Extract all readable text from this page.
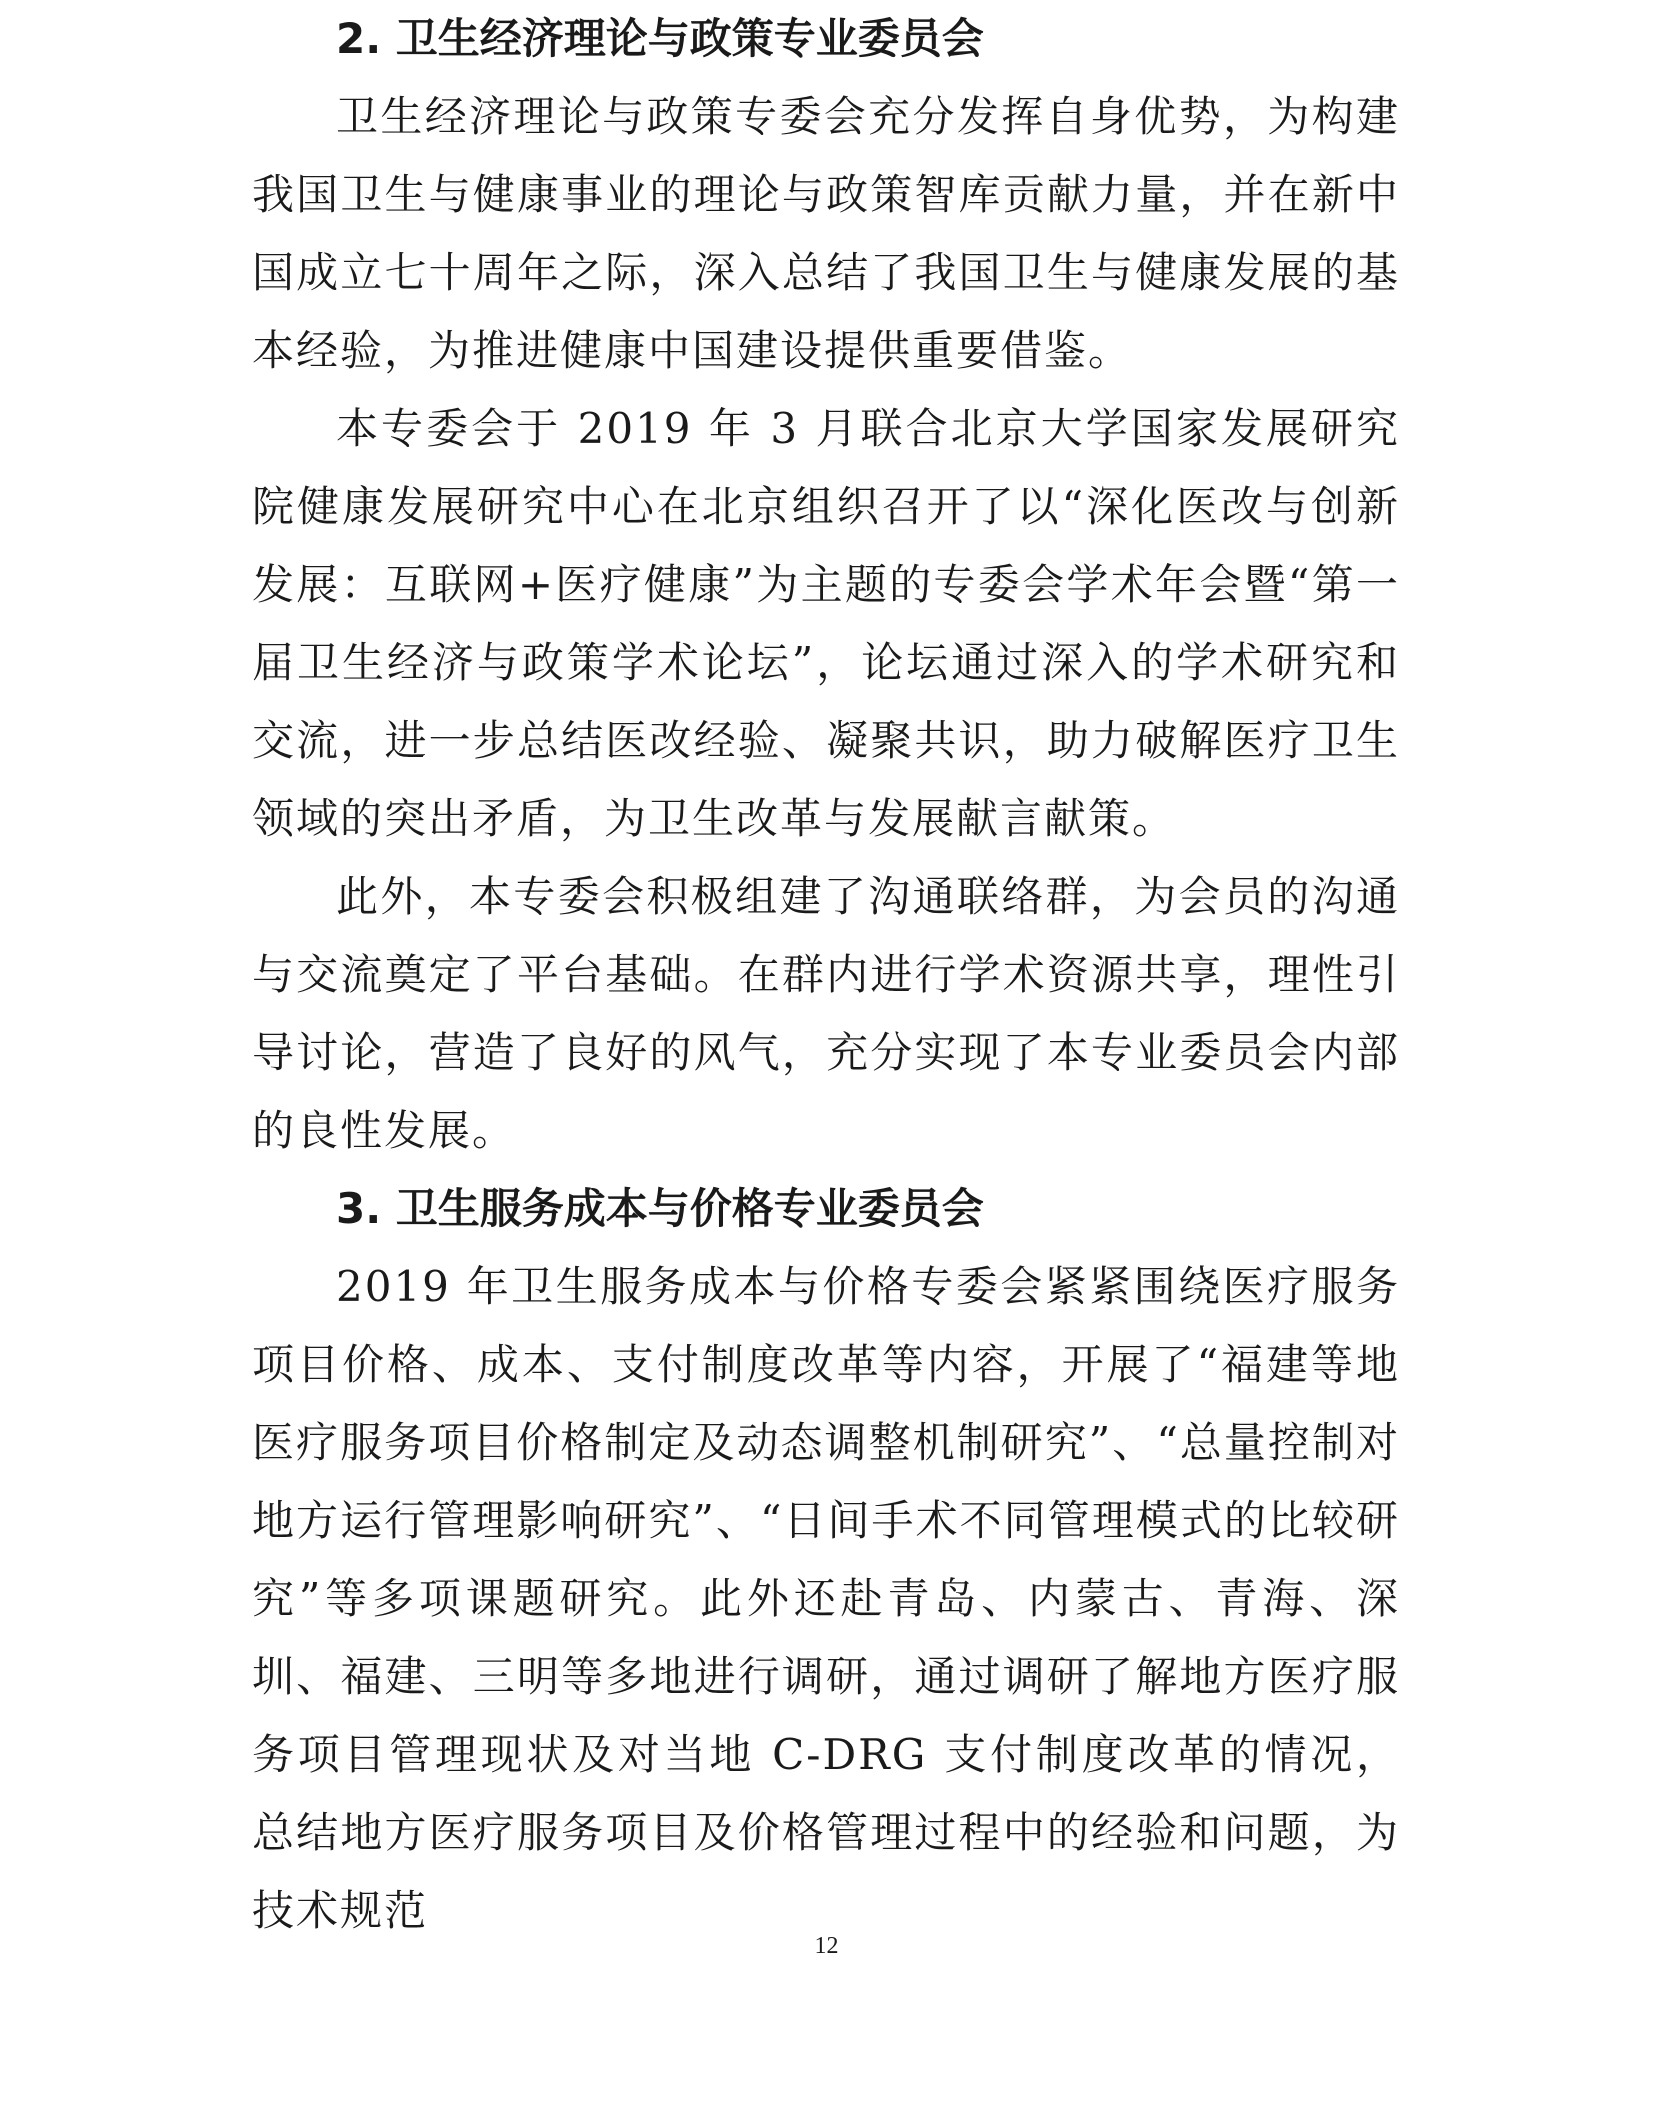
2. 卫生经济理论与政策专业委员会

卫生经济理论与政策专委会充分发挥自身优势，为构建我国卫生与健康事业的理论与政策智库贡献力量，并在新中国成立七十周年之际，深入总结了我国卫生与健康发展的基本经验，为推进健康中国建设提供重要借鉴。

本专委会于 2019 年 3 月联合北京大学国家发展研究院健康发展研究中心在北京组织召开了以“深化医改与创新发展：互联网+医疗健康”为主题的专委会学术年会暨“第一届卫生经济与政策学术论坛”，论坛通过深入的学术研究和交流，进一步总结医改经验、凝聚共识，助力破解医疗卫生领域的突出矛盾，为卫生改革与发展献言献策。

此外，本专委会积极组建了沟通联络群，为会员的沟通与交流奠定了平台基础。在群内进行学术资源共享，理性引导讨论，营造了良好的风气，充分实现了本专业委员会内部的良性发展。

3. 卫生服务成本与价格专业委员会

2019 年卫生服务成本与价格专委会紧紧围绕医疗服务项目价格、成本、支付制度改革等内容，开展了“福建等地医疗服务项目价格制定及动态调整机制研究”、“总量控制对地方运行管理影响研究”、“日间手术不同管理模式的比较研究”等多项课题研究。此外还赴青岛、内蒙古、青海、深圳、福建、三明等多地进行调研，通过调研了解地方医疗服务项目管理现状及对当地 C-DRG 支付制度改革的情况，总结地方医疗服务项目及价格管理过程中的经验和问题，为技术规范

12
